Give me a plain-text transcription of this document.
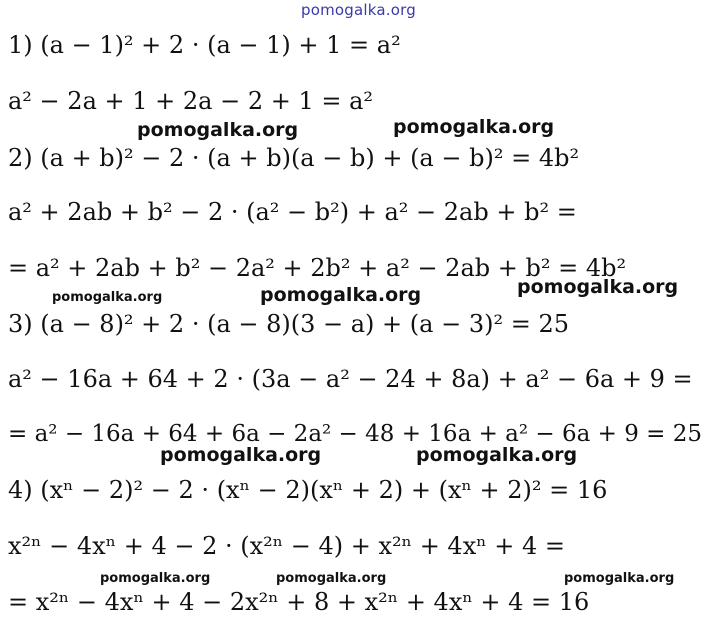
pomogalka.org
1) (a − 1)² + 2 · (a − 1) + 1 = a²
a² − 2a + 1 + 2a − 2 + 1 = a²
2) (a + b)² − 2 · (a + b)(a − b) + (a − b)² = 4b²
a² + 2ab + b² − 2 · (a² − b²) + a² − 2ab + b² =
= a² + 2ab + b² − 2a² + 2b² + a² − 2ab + b² = 4b²
3) (a − 8)² + 2 · (a − 8)(3 − a) + (a − 3)² = 25
a² − 16a + 64 + 2 · (3a − a² − 24 + 8a) + a² − 6a + 9 =
= a² − 16a + 64 + 6a − 2a² − 48 + 16a + a² − 6a + 9 = 25
4) (xⁿ − 2)² − 2 · (xⁿ − 2)(xⁿ + 2) + (xⁿ + 2)² = 16
x²ⁿ − 4xⁿ + 4 − 2 · (x²ⁿ − 4) + x²ⁿ + 4xⁿ + 4 =
= x²ⁿ − 4xⁿ + 4 − 2x²ⁿ + 8 + x²ⁿ + 4xⁿ + 4 = 16
pomogalka.org	pomogalka.org
pomogalka.org	pomogalka.org	pomogalka.org
pomogalka.org	pomogalka.org
pomogalka.org	pomogalka.org	pomogalka.org
